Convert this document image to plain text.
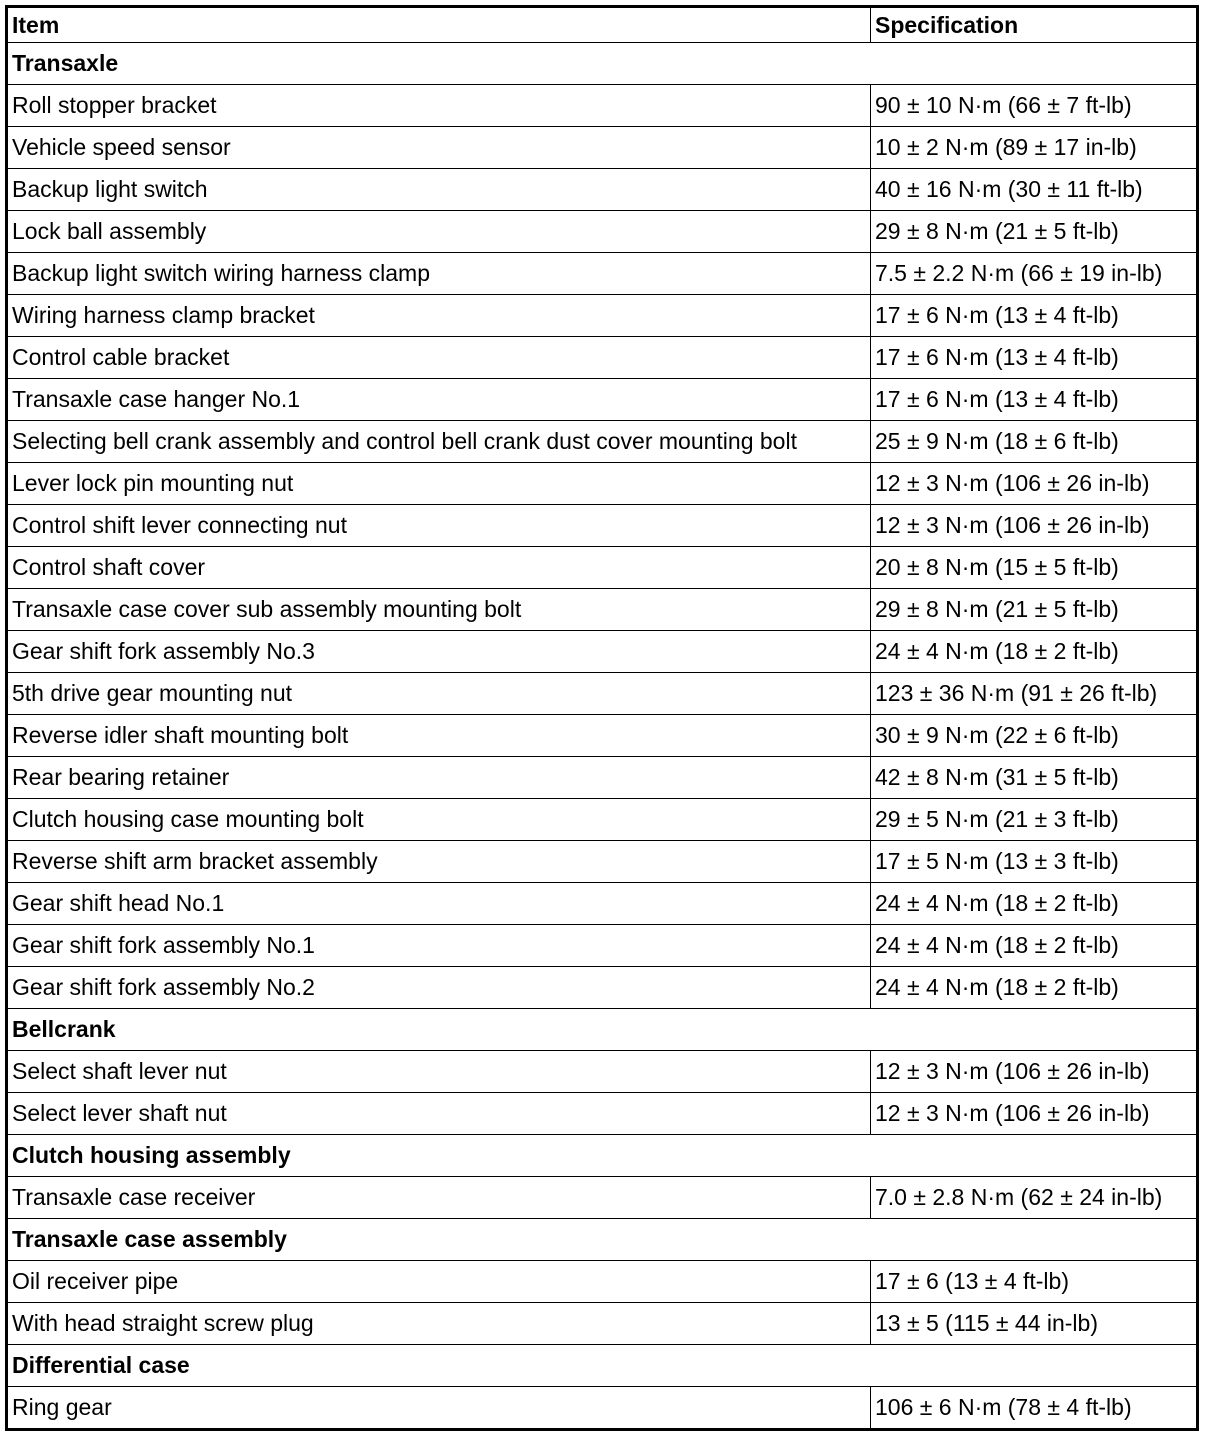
Item	Specification
Transaxle	
Roll stopper bracket	90 ± 10 N·m (66 ± 7 ft-lb)
Vehicle speed sensor	10 ± 2 N·m (89 ± 17 in-lb)
Backup light switch	40 ± 16 N·m (30 ± 11 ft-lb)
Lock ball assembly	29 ± 8 N·m (21 ± 5 ft-lb)
Backup light switch wiring harness clamp	7.5 ± 2.2 N·m (66 ± 19 in-lb)
Wiring harness clamp bracket	17 ± 6 N·m (13 ± 4 ft-lb)
Control cable bracket	17 ± 6 N·m (13 ± 4 ft-lb)
Transaxle case hanger No.1	17 ± 6 N·m (13 ± 4 ft-lb)
Selecting bell crank assembly and control bell crank dust cover mounting bolt	25 ± 9 N·m (18 ± 6 ft-lb)
Lever lock pin mounting nut	12 ± 3 N·m (106 ± 26 in-lb)
Control shift lever connecting nut	12 ± 3 N·m (106 ± 26 in-lb)
Control shaft cover	20 ± 8 N·m (15 ± 5 ft-lb)
Transaxle case cover sub assembly mounting bolt	29 ± 8 N·m (21 ± 5 ft-lb)
Gear shift fork assembly No.3	24 ± 4 N·m (18 ± 2 ft-lb)
5th drive gear mounting nut	123 ± 36 N·m (91 ± 26 ft-lb)
Reverse idler shaft mounting bolt	30 ± 9 N·m (22 ± 6 ft-lb)
Rear bearing retainer	42 ± 8 N·m (31 ± 5 ft-lb)
Clutch housing case mounting bolt	29 ± 5 N·m (21 ± 3 ft-lb)
Reverse shift arm bracket assembly	17 ± 5 N·m (13 ± 3 ft-lb)
Gear shift head No.1	24 ± 4 N·m (18 ± 2 ft-lb)
Gear shift fork assembly No.1	24 ± 4 N·m (18 ± 2 ft-lb)
Gear shift fork assembly No.2	24 ± 4 N·m (18 ± 2 ft-lb)
Bellcrank	
Select shaft lever nut	12 ± 3 N·m (106 ± 26 in-lb)
Select lever shaft nut	12 ± 3 N·m (106 ± 26 in-lb)
Clutch housing assembly	
Transaxle case receiver	7.0 ± 2.8 N·m (62 ± 24 in-lb)
Transaxle case assembly	
Oil receiver pipe	17 ± 6 (13 ± 4 ft-lb)
With head straight screw plug	13 ± 5 (115 ± 44 in-lb)
Differential case	
Ring gear	106 ± 6 N·m (78 ± 4 ft-lb)
